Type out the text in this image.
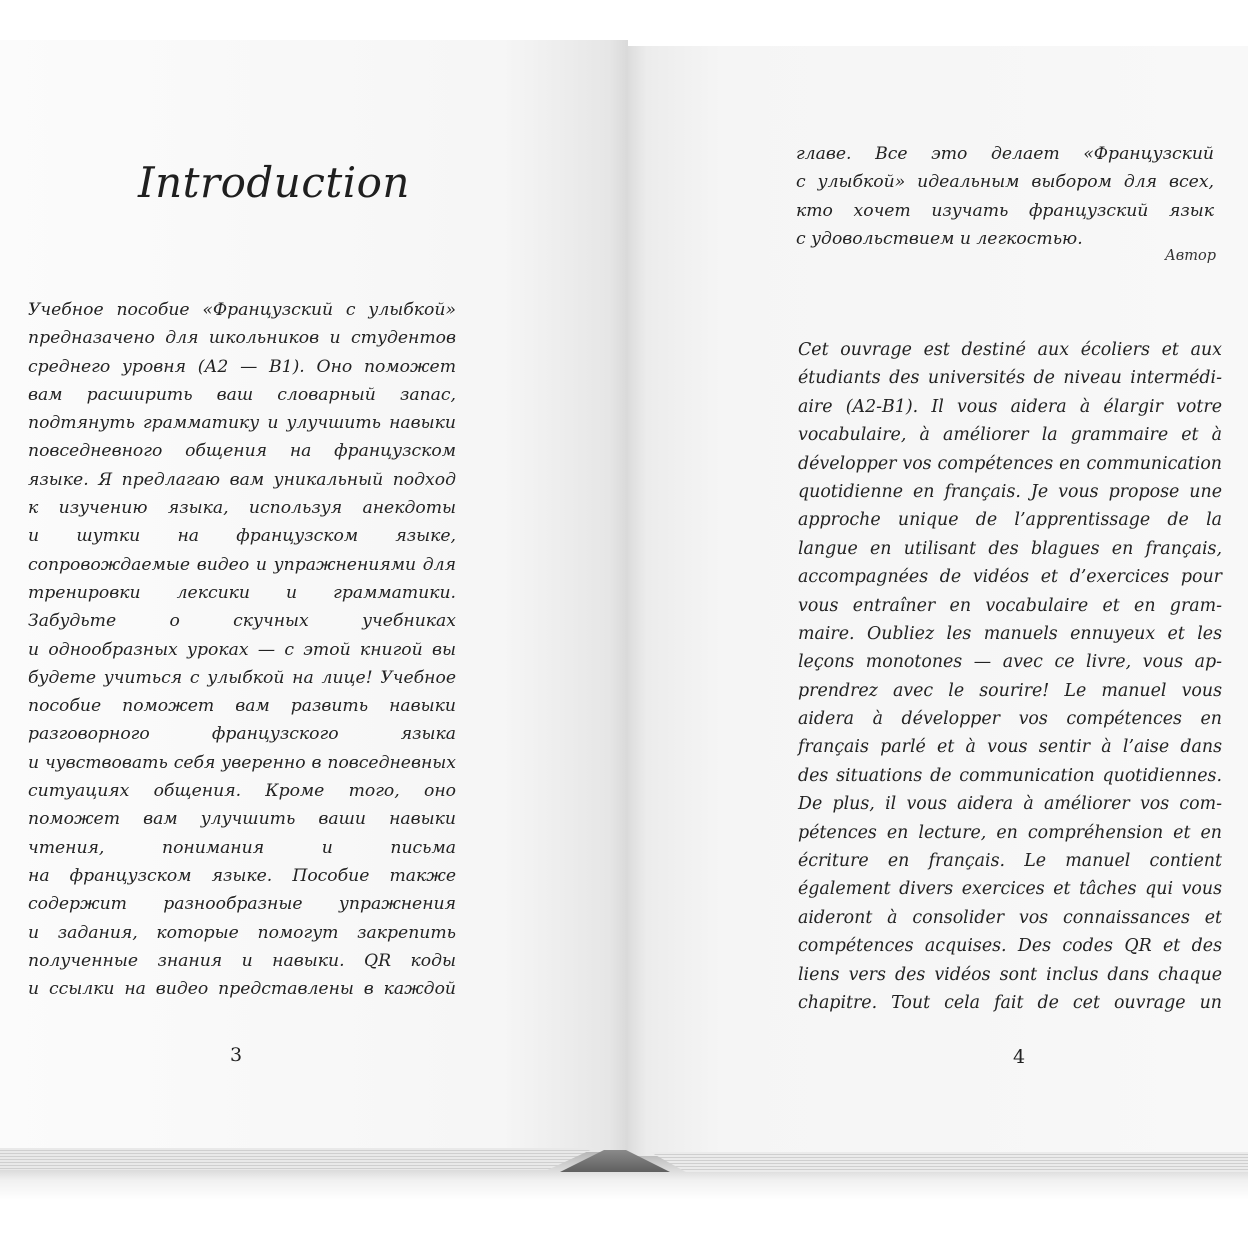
Introduction
Учебное пособие «Французский с улыбкой»
предназачено для школьников и студентов
среднего уровня (А2 — В1). Оно поможет
вам расширить ваш словарный запас,
подтянуть грамматику и улучшить навыки
повседневного общения на французском
языке. Я предлагаю вам уникальный подход
к изучению языка, используя анекдоты
и шутки на французском языке,
сопровождаемые видео и упражнениями для
тренировки лексики и грамматики.
Забудьте о скучных учебниках
и однообразных уроках — с этой книгой вы
будете учиться с улыбкой на лице! Учебное
пособие поможет вам развить навыки
разговорного французского языка
и чувствовать себя уверенно в повседневных
ситуациях общения. Кроме того, оно
поможет вам улучшить ваши навыки
чтения, понимания и письма
на французском языке. Пособие также
содержит разнообразные упражнения
и задания, которые помогут закрепить
полученные знания и навыки. QR коды
и ссылки на видео представлены в каждой
главе. Все это делает «Французский
с улыбкой» идеальным выбором для всех,
кто хочет изучать французский язык
с удовольствием и легкостью.
Автор
Cet ouvrage est destiné aux écoliers et aux
étudiants des universités de niveau intermédi-
aire (A2-B1). Il vous aidera à élargir votre
vocabulaire, à améliorer la grammaire et à
développer vos compétences en communication
quotidienne en français. Je vous propose une
approche unique de l’apprentissage de la
langue en utilisant des blagues en français,
accompagnées de vidéos et d’exercices pour
vous entraîner en vocabulaire et en gram-
maire. Oubliez les manuels ennuyeux et les
leçons monotones — avec ce livre, vous ap-
prendrez avec le sourire! Le manuel vous
aidera à développer vos compétences en
français parlé et à vous sentir à l’aise dans
des situations de communication quotidiennes.
De plus, il vous aidera à améliorer vos com-
pétences en lecture, en compréhension et en
écriture en français. Le manuel contient
également divers exercices et tâches qui vous
aideront à consolider vos connaissances et
compétences acquises. Des codes QR et des
liens vers des vidéos sont inclus dans chaque
chapitre. Tout cela fait de cet ouvrage un
3	4
